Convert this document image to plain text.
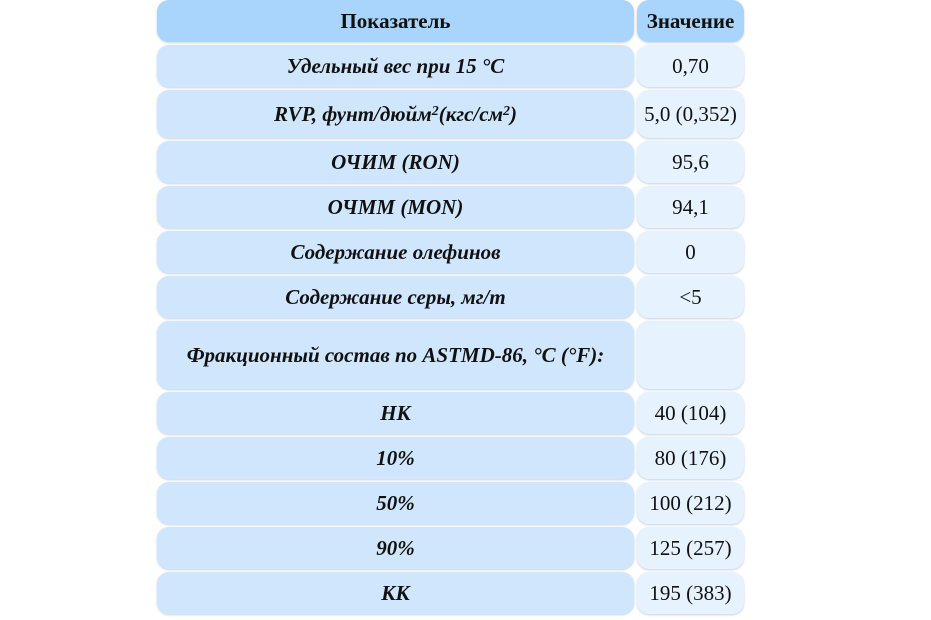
Показатель	Значение
Удельный вес при 15 °С	0,70
RVP, фунт/дюйм$^2$ ($кгс/см^2$ )	5,0 (0,352)
ОЧИМ (RON)	95,6
ОЧММ (MON)	94,1
Содержание олефинов	0
Содержание серы, мг/т	<5
Фракционный состав по ASTMD-86, °С (°F):
НК	40 (104)
10%	80 (176)
50%	100 (212)
90%	125 (257)
КК	195 (383)
